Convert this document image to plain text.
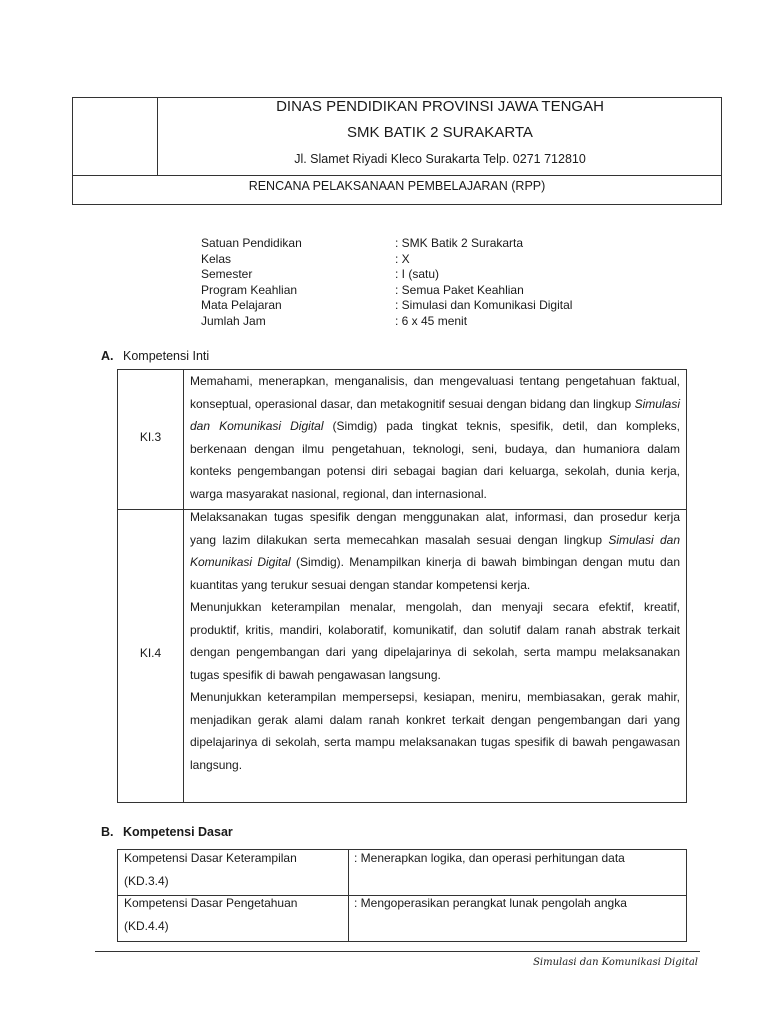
DINAS PENDIDIKAN PROVINSI JAWA TENGAH
SMK BATIK 2 SURAKARTA
Jl. Slamet Riyadi Kleco Surakarta Telp. 0271 712810
RENCANA PELAKSANAAN PEMBELAJARAN (RPP)
Satuan Pendidikan	: SMK Batik 2 Surakarta
Kelas	: X
Semester	: I (satu)
Program Keahlian	: Semua Paket Keahlian
Mata Pelajaran	: Simulasi dan Komunikasi Digital
Jumlah Jam	: 6 x 45 menit
A. Kompetensi Inti
KI.3

Memahami, menerapkan, menganalisis, dan mengevaluasi tentang pengetahuan faktual, konseptual, operasional dasar, dan metakognitif sesuai dengan bidang dan lingkup Simulasi dan Komunikasi Digital (Simdig) pada tingkat teknis, spesifik, detil, dan kompleks, berkenaan dengan ilmu pengetahuan, teknologi, seni, budaya, dan humaniora dalam konteks pengembangan potensi diri sebagai bagian dari keluarga, sekolah, dunia kerja, warga masyarakat nasional, regional, dan internasional.

KI.4

Melaksanakan tugas spesifik dengan menggunakan alat, informasi, dan prosedur kerja yang lazim dilakukan serta memecahkan masalah sesuai dengan lingkup Simulasi dan Komunikasi Digital (Simdig). Menampilkan kinerja di bawah bimbingan dengan mutu dan kuantitas yang terukur sesuai dengan standar kompetensi kerja.

Menunjukkan keterampilan menalar, mengolah, dan menyaji secara efektif, kreatif, produktif, kritis, mandiri, kolaboratif, komunikatif, dan solutif dalam ranah abstrak terkait dengan pengembangan dari yang dipelajarinya di sekolah, serta mampu melaksanakan tugas spesifik di bawah pengawasan langsung.

Menunjukkan keterampilan mempersepsi, kesiapan, meniru, membiasakan, gerak mahir, menjadikan gerak alami dalam ranah konkret terkait dengan pengembangan dari yang dipelajarinya di sekolah, serta mampu melaksanakan tugas spesifik di bawah pengawasan langsung.

B. Kompetensi Dasar
Kompetensi Dasar Keterampilan
(KD.3.4)
: Menerapkan logika, dan operasi perhitungan data
Kompetensi Dasar Pengetahuan
(KD.4.4)
: Mengoperasikan perangkat lunak pengolah angka
Simulasi dan Komunikasi Digital
